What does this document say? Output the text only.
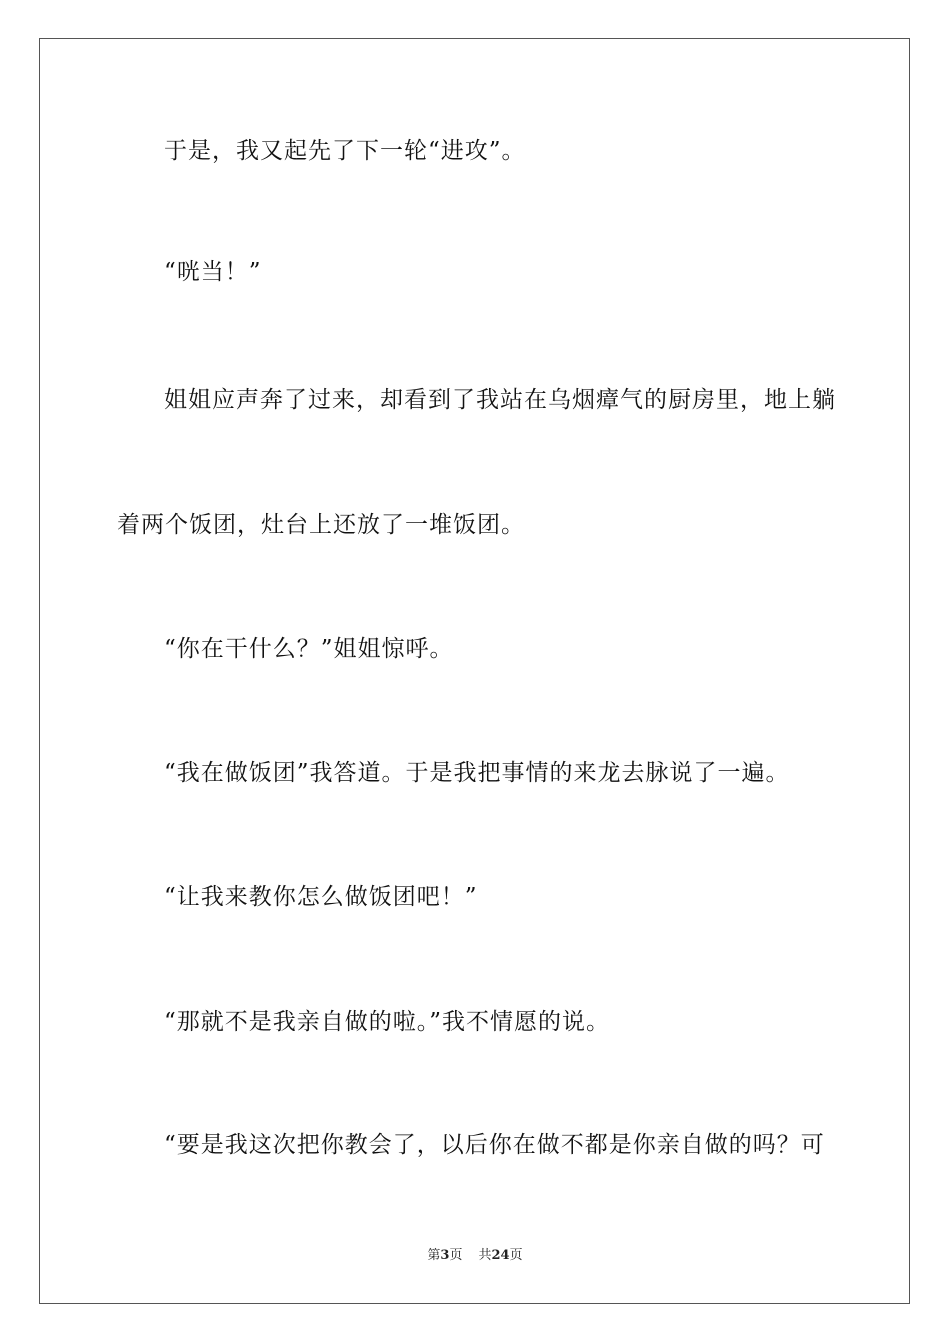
于是，我又起先了下一轮“进攻”。
“咣当！”
姐姐应声奔了过来，却看到了我站在乌烟瘴气的厨房里，地上躺
着两个饭团，灶台上还放了一堆饭团。
“你在干什么？”姐姐惊呼。
“我在做饭团”我答道。于是我把事情的来龙去脉说了一遍。
“让我来教你怎么做饭团吧！”
“那就不是我亲自做的啦。”我不情愿的说。
“要是我这次把你教会了，以后你在做不都是你亲自做的吗？可
第3页 共24页
